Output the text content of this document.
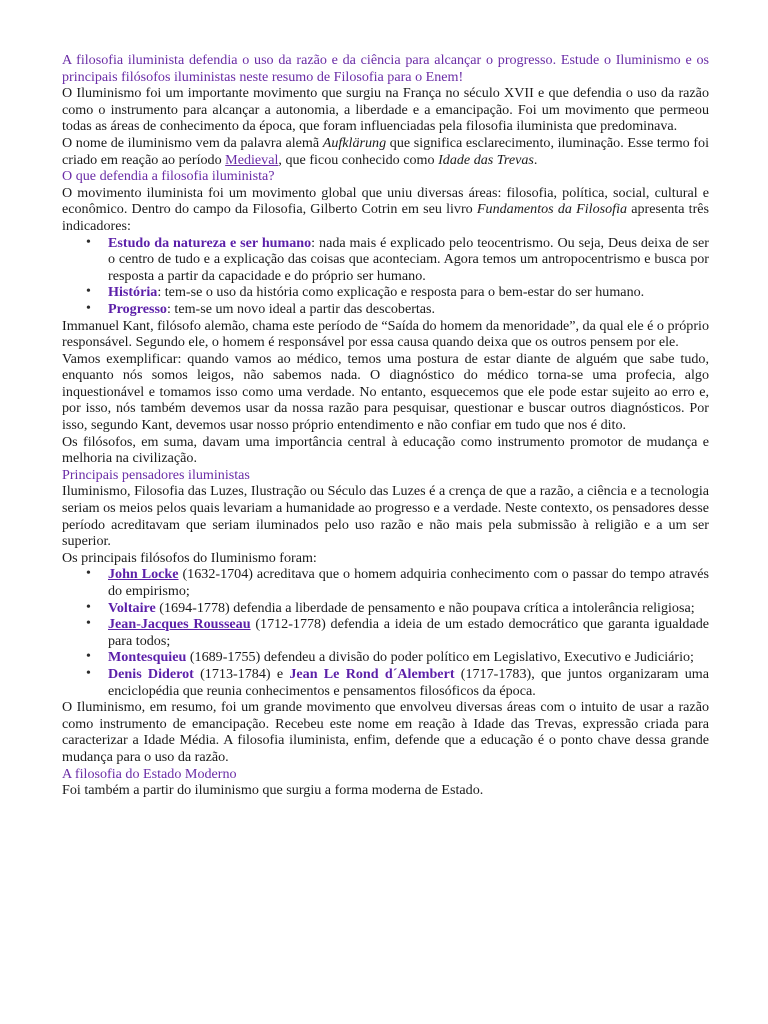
A filosofia iluminista defendia o uso da razão e da ciência para alcançar o progresso. Estude o Iluminismo e os principais filósofos iluministas neste resumo de Filosofia para o Enem!

O Iluminismo foi um importante movimento que surgiu na França no século XVII e que defendia o uso da razão como o instrumento para alcançar a autonomia, a liberdade e a emancipação. Foi um movimento que permeou todas as áreas de conhecimento da época, que foram influenciadas pela filosofia iluminista que predominava.

O nome de iluminismo vem da palavra alemã Aufklärung que significa esclarecimento, iluminação. Esse termo foi criado em reação ao período Medieval, que ficou conhecido como Idade das Trevas.

O que defendia a filosofia iluminista?

O movimento iluminista foi um movimento global que uniu diversas áreas: filosofia, política, social, cultural e econômico. Dentro do campo da Filosofia, Gilberto Cotrin em seu livro Fundamentos da Filosofia apresenta três indicadores:

• Estudo da natureza e ser humano: nada mais é explicado pelo teocentrismo. Ou seja, Deus deixa de ser o centro de tudo e a explicação das coisas que aconteciam. Agora temos um antropocentrismo e busca por resposta a partir da capacidade e do próprio ser humano.
• História: tem-se o uso da história como explicação e resposta para o bem-estar do ser humano.
• Progresso: tem-se um novo ideal a partir das descobertas.

Immanuel Kant, filósofo alemão, chama este período de “Saída do homem da menoridade”, da qual ele é o próprio responsável. Segundo ele, o homem é responsável por essa causa quando deixa que os outros pensem por ele.

Vamos exemplificar: quando vamos ao médico, temos uma postura de estar diante de alguém que sabe tudo, enquanto nós somos leigos, não sabemos nada. O diagnóstico do médico torna-se uma profecia, algo inquestionável e tomamos isso como uma verdade. No entanto, esquecemos que ele pode estar sujeito ao erro e, por isso, nós também devemos usar da nossa razão para pesquisar, questionar e buscar outros diagnósticos. Por isso, segundo Kant, devemos usar nosso próprio entendimento e não confiar em tudo que nos é dito.

Os filósofos, em suma, davam uma importância central à educação como instrumento promotor de mudança e melhoria na civilização.

Principais pensadores iluministas

Iluminismo, Filosofia das Luzes, Ilustração ou Século das Luzes é a crença de que a razão, a ciência e a tecnologia seriam os meios pelos quais levariam a humanidade ao progresso e a verdade. Neste contexto, os pensadores desse período acreditavam que seriam iluminados pelo uso razão e não mais pela submissão à religião e a um ser superior.

Os principais filósofos do Iluminismo foram:

• John Locke (1632-1704) acreditava que o homem adquiria conhecimento com o passar do tempo através do empirismo;
• Voltaire (1694-1778) defendia a liberdade de pensamento e não poupava crítica a intolerância religiosa;
• Jean-Jacques Rousseau (1712-1778) defendia a ideia de um estado democrático que garanta igualdade para todos;
• Montesquieu (1689-1755) defendeu a divisão do poder político em Legislativo, Executivo e Judiciário;
• Denis Diderot (1713-1784) e Jean Le Rond d´Alembert (1717-1783), que juntos organizaram uma enciclopédia que reunia conhecimentos e pensamentos filosóficos da época.

O Iluminismo, em resumo, foi um grande movimento que envolveu diversas áreas com o intuito de usar a razão como instrumento de emancipação. Recebeu este nome em reação à Idade das Trevas, expressão criada para caracterizar a Idade Média. A filosofia iluminista, enfim, defende que a educação é o ponto chave dessa grande mudança para o uso da razão.

A filosofia do Estado Moderno

Foi também a partir do iluminismo que surgiu a forma moderna de Estado.
